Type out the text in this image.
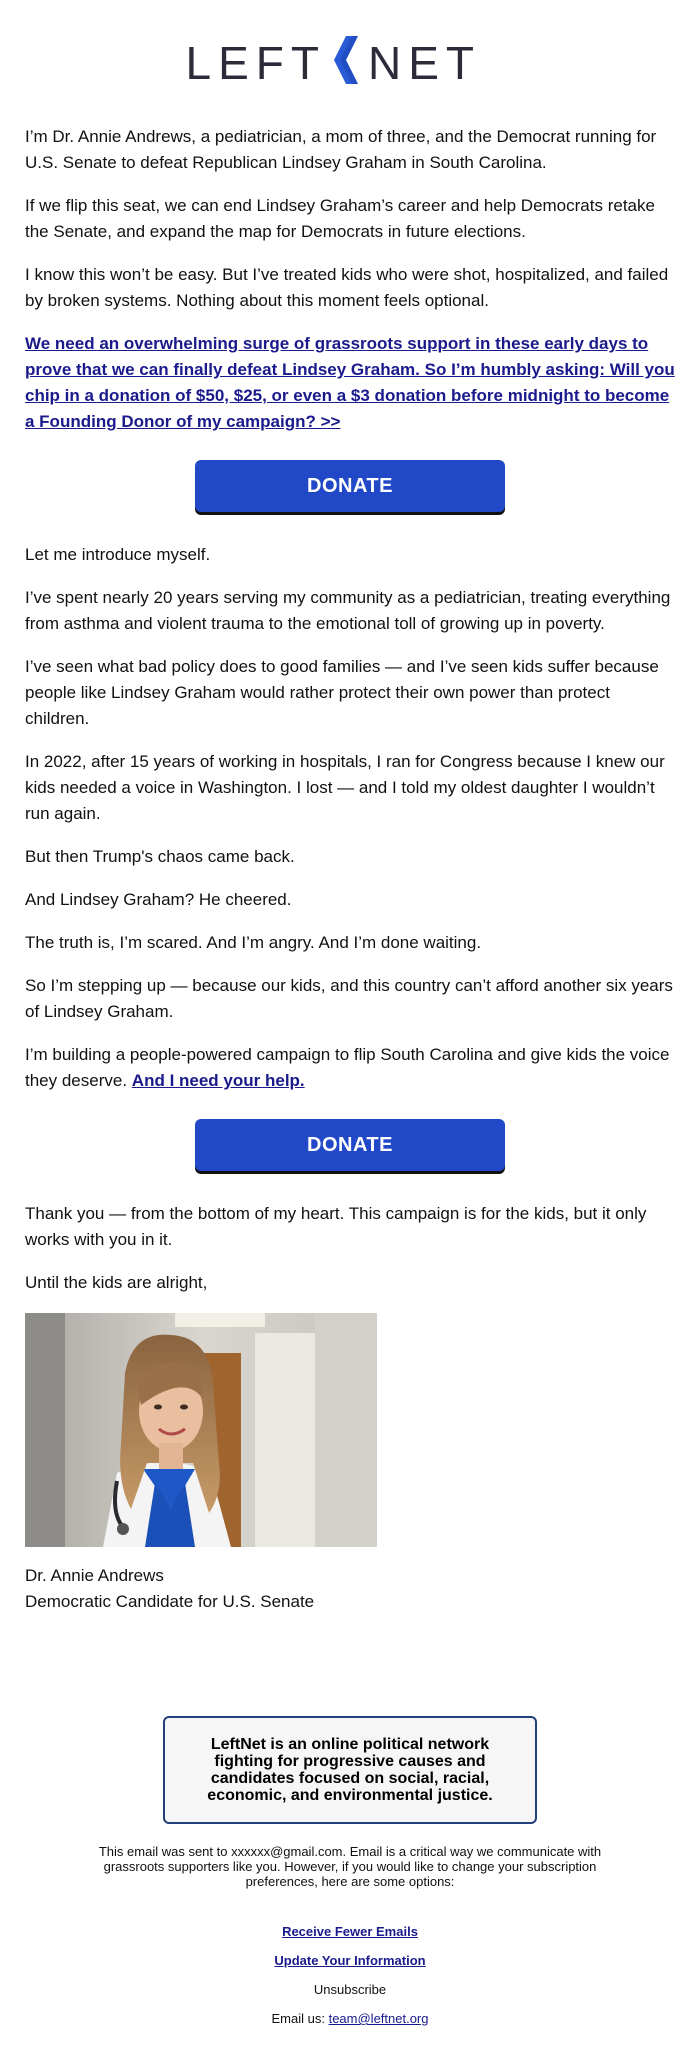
LEFT NET

I’m Dr. Annie Andrews, a pediatrician, a mom of three, and the Democrat running for U.S. Senate to defeat Republican Lindsey Graham in South Carolina.

If we flip this seat, we can end Lindsey Graham’s career and help Democrats retake the Senate, and expand the map for Democrats in future elections.

I know this won’t be easy. But I’ve treated kids who were shot, hospitalized, and failed by broken systems. Nothing about this moment feels optional.

We need an overwhelming surge of grassroots support in these early days to prove that we can finally defeat Lindsey Graham. So I’m humbly asking: Will you chip in a donation of $50, $25, or even a $3 donation before midnight to become a Founding Donor of my campaign? >>

DONATE

Let me introduce myself.

I’ve spent nearly 20 years serving my community as a pediatrician, treating everything from asthma and violent trauma to the emotional toll of growing up in poverty.

I’ve seen what bad policy does to good families — and I’ve seen kids suffer because people like Lindsey Graham would rather protect their own power than protect children.

In 2022, after 15 years of working in hospitals, I ran for Congress because I knew our kids needed a voice in Washington. I lost — and I told my oldest daughter I wouldn’t run again.

But then Trump's chaos came back.

And Lindsey Graham? He cheered.

The truth is, I’m scared. And I’m angry. And I’m done waiting.

So I’m stepping up — because our kids, and this country can’t afford another six years of Lindsey Graham.

I’m building a people-powered campaign to flip South Carolina and give kids the voice they deserve. And I need your help.

DONATE

Thank you — from the bottom of my heart. This campaign is for the kids, but it only works with you in it.

Until the kids are alright,

Dr. Annie Andrews

Democratic Candidate for U.S. Senate

LeftNet is an online political network fighting for progressive causes and candidates focused on social, racial, economic, and environmental justice.
This email was sent to xxxxxx@gmail.com. Email is a critical way we communicate with grassroots supporters like you. However, if you would like to change your subscription preferences, here are some options:
Receive Fewer Emails
Update Your Information
Unsubscribe
Email us: team@leftnet.org
